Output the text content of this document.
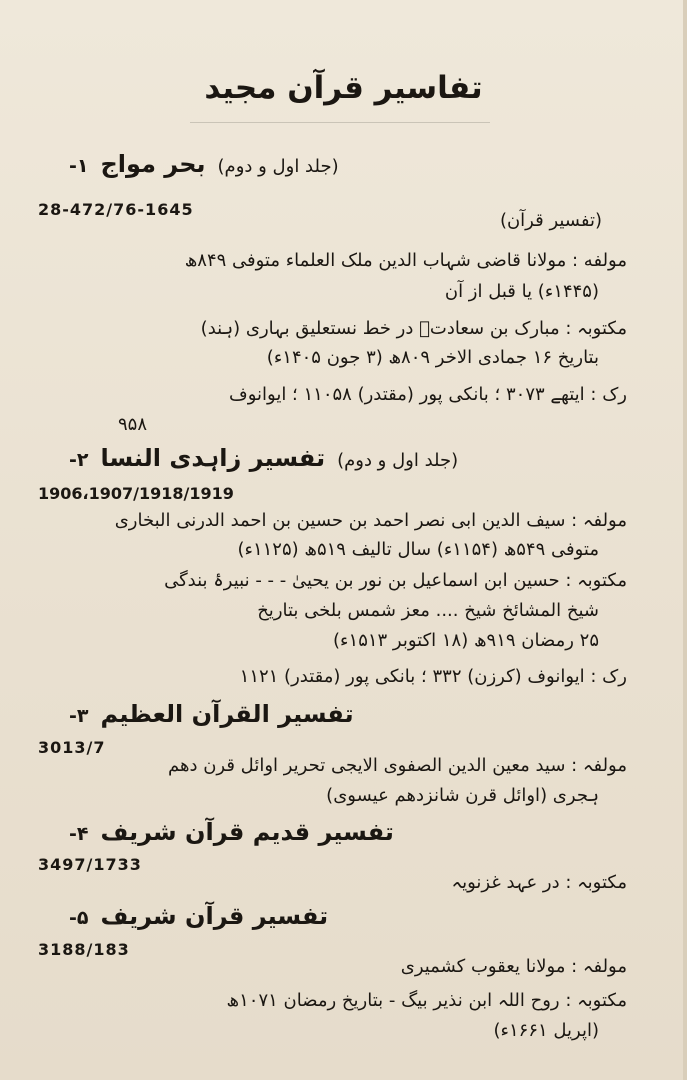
تفاسیر قرآن مجید
۱- بحر مواج (جلد اول و دوم)
28-472/76-1645
(تفسیر قرآن)
مولفه : مولانا قاضی شہاب الدین ملک العلماء متوفی ۸۴۹ھ
(۱۴۴۵ء) یا قبل از آن
مکتوبہ : مبارک بن سعادتؔ در خط نستعلیق بہاری (ہند)
بتاریخ ۱۶ جمادی الاخر ۸۰۹ھ (۳ جون ۱۴۰۵ء)
رک : ایتھے ۳۰۷۳ ؛ بانکی پور (مقتدر) ۱۱۰۵۸ ؛ ایوانوف
۹۵۸
۲- تفسیر زاہدی النسا (جلد اول و دوم)
1906،1907/1918/1919
مولفہ : سیف الدین ابی نصر احمد بن حسین بن احمد الدرنی البخاری
متوفی ۵۴۹ھ (۱۱۵۴ء) سال تالیف ۵۱۹ھ (۱۱۲۵ء)
مکتوبہ : حسین ابن اسماعیل بن نور بن یحییٰ - - - نبیرۂ بندگی
شیخ المشائخ شیخ .... معز شمس بلخی بتاریخ
۲۵ رمضان ۹۱۹ھ (۱۸ اکتوبر ۱۵۱۳ء)
رک : ایوانوف (کرزن) ۳۳۲ ؛ بانکی پور (مقتدر) ۱۱۲۱
۳- تفسیر القرآن العظیم
3013/7
مولفہ : سید معین الدین الصفوی الایجی تحریر اوائل قرن دھم
ہجری (اوائل قرن شانزدھم عیسوی)
۴- تفسیر قدیم قرآن شریف
3497/1733
مکتوبہ : در عہد غزنویہ
۵- تفسیر قرآن شریف
3188/183
مولفہ : مولانا یعقوب کشمیری
مکتوبہ : روح اللہ ابن نذیر بیگ - بتاریخ رمضان ۱۰۷۱ھ
(اپریل ۱۶۶۱ء)
